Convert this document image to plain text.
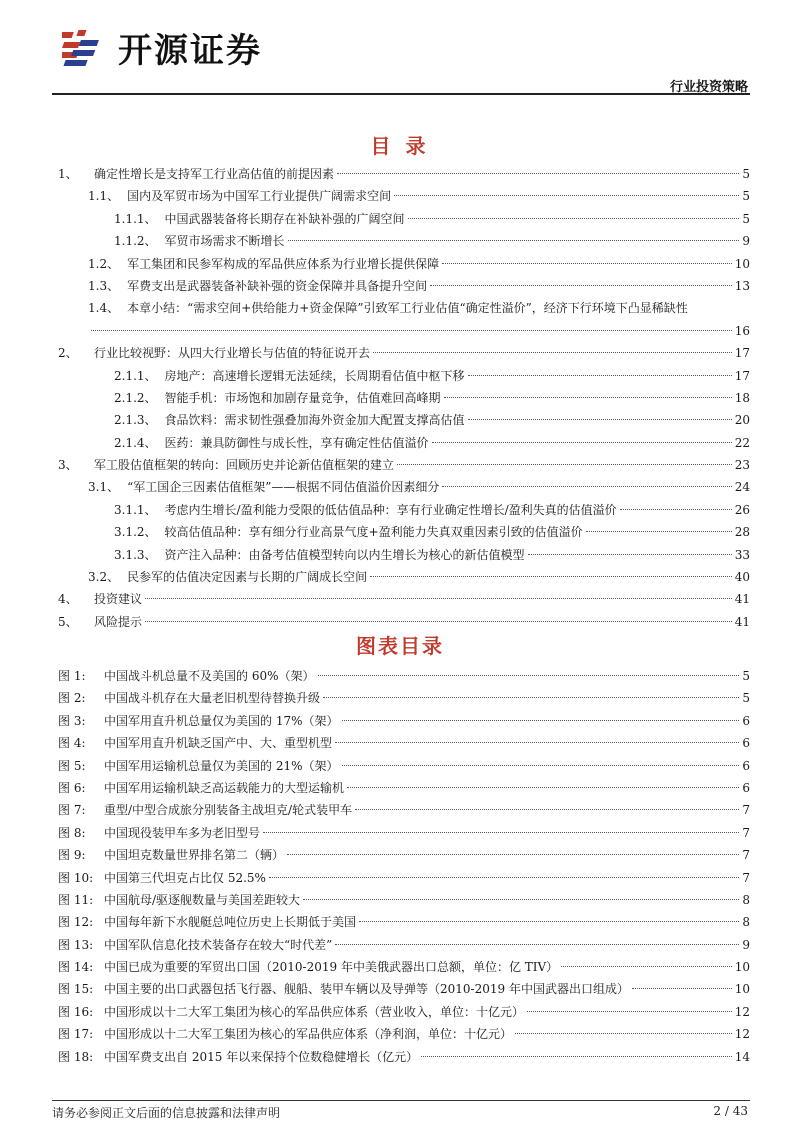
开源证券
行业投资策略
目 录
1、	确定性增长是支持军工行业高估值的前提因素	5
1.1、 国内及军贸市场为中国军工行业提供广阔需求空间	5
1.1.1、 中国武器装备将长期存在补缺补强的广阔空间	5
1.1.2、 军贸市场需求不断增长	9
1.2、 军工集团和民参军构成的军品供应体系为行业增长提供保障	10
1.3、 军费支出是武器装备补缺补强的资金保障并具备提升空间	13
1.4、 本章小结：“需求空间+供给能力+资金保障”引致军工行业估值“确定性溢价”，经济下行环境下凸显稀缺性
16
2、	行业比较视野：从四大行业增长与估值的特征说开去	17
2.1.1、 房地产：高速增长逻辑无法延续，长周期看估值中枢下移	17
2.1.2、 智能手机：市场饱和加剧存量竞争，估值难回高峰期	18
2.1.3、 食品饮料：需求韧性强叠加海外资金加大配置支撑高估值	20
2.1.4、 医药：兼具防御性与成长性，享有确定性估值溢价	22
3、	军工股估值框架的转向：回顾历史并论新估值框架的建立	23
3.1、 “军工国企三因素估值框架”——根据不同估值溢价因素细分	24
3.1.1、 考虑内生增长/盈利能力受限的低估值品种：享有行业确定性增长/盈利失真的估值溢价	26
3.1.2、 较高估值品种：享有细分行业高景气度+盈利能力失真双重因素引致的估值溢价	28
3.1.3、 资产注入品种：由备考估值模型转向以内生增长为核心的新估值模型	33
3.2、 民参军的估值决定因素与长期的广阔成长空间	40
4、	投资建议	41
5、	风险提示	41
图表目录
图 1:	中国战斗机总量不及美国的 60%（架）	5
图 2:	中国战斗机存在大量老旧机型待替换升级	5
图 3:	中国军用直升机总量仅为美国的 17%（架）	6
图 4:	中国军用直升机缺乏国产中、大、重型机型	6
图 5:	中国军用运输机总量仅为美国的 21%（架）	6
图 6:	中国军用运输机缺乏高运载能力的大型运输机	6
图 7:	重型/中型合成旅分别装备主战坦克/轮式装甲车	7
图 8:	中国现役装甲车多为老旧型号	7
图 9:	中国坦克数量世界排名第二（辆）	7
图 10: 中国第三代坦克占比仅 52.5%	7
图 11: 中国航母/驱逐舰数量与美国差距较大	8
图 12: 中国每年新下水舰艇总吨位历史上长期低于美国	8
图 13: 中国军队信息化技术装备存在较大“时代差”	9
图 14: 中国已成为重要的军贸出口国（2010-2019 年中美俄武器出口总额，单位：亿 TIV）	10
图 15: 中国主要的出口武器包括飞行器、舰船、装甲车辆以及导弹等（2010-2019 年中国武器出口组成）	10
图 16: 中国形成以十二大军工集团为核心的军品供应体系（营业收入，单位：十亿元）	12
图 17: 中国形成以十二大军工集团为核心的军品供应体系（净利润，单位：十亿元）	12
图 18: 中国军费支出自 2015 年以来保持个位数稳健增长（亿元）	14
请务必参阅正文后面的信息披露和法律声明	2 / 43
